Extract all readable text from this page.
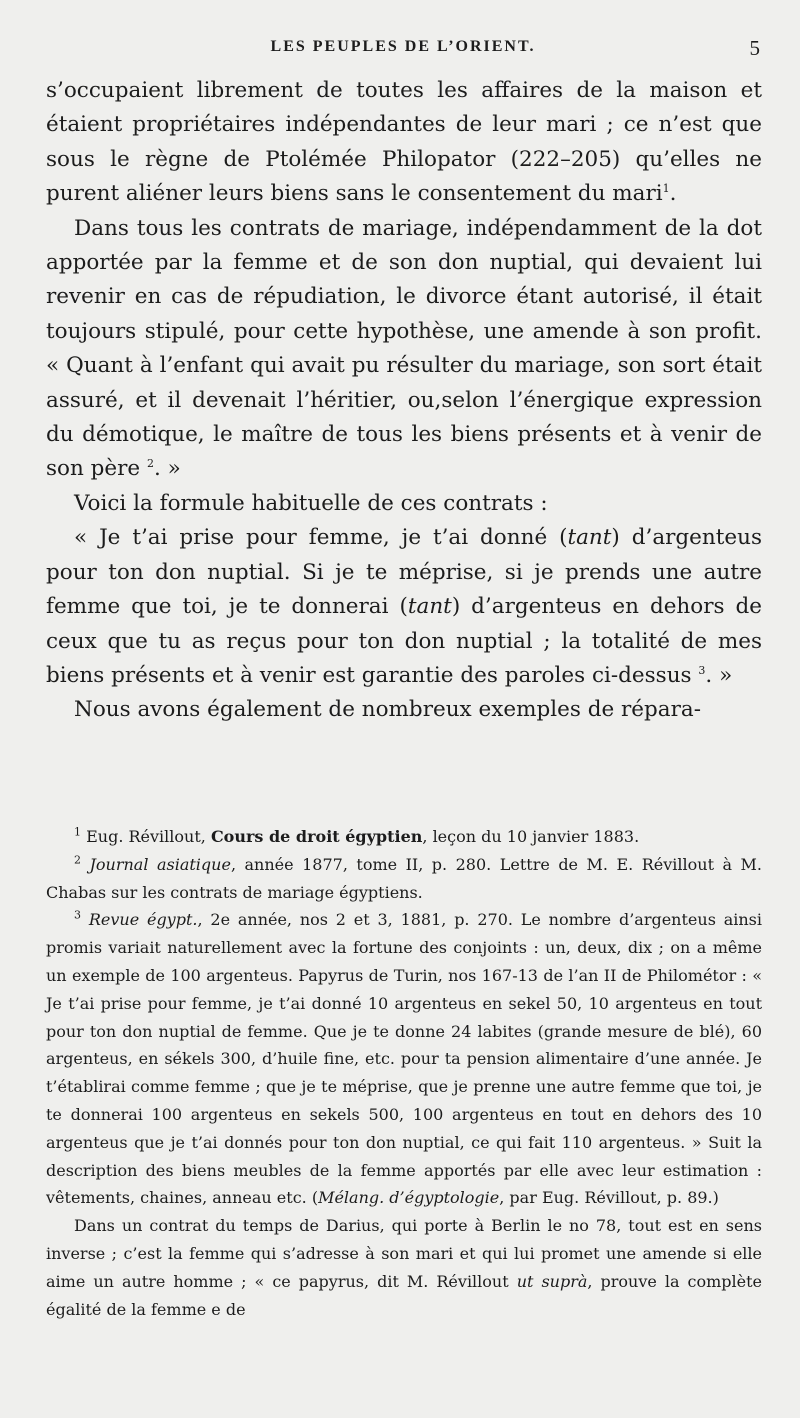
LES PEUPLES DE L’ORIENT.	5

s’occupaient librement de toutes les affaires de la maison et étaient propriétaires indépendantes de leur mari ; ce n’est que sous le règne de Ptolémée Philopator (222–205) qu’elles ne purent aliéner leurs biens sans le consentement du mari$^1$.

Dans tous les contrats de mariage, indépendamment de la dot apportée par la femme et de son don nuptial, qui devaient lui revenir en cas de répudiation, le divorce étant autorisé, il était toujours stipulé, pour cette hypothèse, une amende à son profit. « Quant à l’enfant qui avait pu résulter du mariage, son sort était assuré, et il devenait l’héritier, ou,selon l’énergique expression du démotique, le maître de tous les biens présents et à venir de son père $^2$. »

Voici la formule habituelle de ces contrats :

« Je t’ai prise pour femme, je t’ai donné (tant) d’argenteus pour ton don nuptial. Si je te méprise, si je prends une autre femme que toi, je te donnerai (tant) d’argenteus en dehors de ceux que tu as reçus pour ton don nuptial ; la totalité de mes biens présents et à venir est garantie des paroles ci-dessus $^3$. »

Nous avons également de nombreux exemples de répara-

$^1$ Eug. Révillout, Cours de droit égyptien, leçon du 10 janvier 1883.

$^2$ Journal asiatique, année 1877, tome II, p. 280. Lettre de M. E. Révillout à M. Chabas sur les contrats de mariage égyptiens.

$^3$ Revue égypt., 2e année, nos 2 et 3, 1881, p. 270. Le nombre d’argenteus ainsi promis variait naturellement avec la fortune des conjoints : un, deux, dix ; on a même un exemple de 100 argenteus. Papyrus de Turin, nos 167-13 de l’an II de Philométor : « Je t’ai prise pour femme, je t’ai donné 10 argenteus en sekel 50, 10 argenteus en tout pour ton don nuptial de femme. Que je te donne 24 labites (grande mesure de blé), 60 argenteus, en sékels 300, d’huile fine, etc. pour ta pension alimentaire d’une année. Je t’établirai comme femme ; que je te méprise, que je prenne une autre femme que toi, je te donnerai 100 argenteus en sekels 500, 100 argenteus en tout en dehors des 10 argenteus que je t’ai donnés pour ton don nuptial, ce qui fait 110 argenteus. » Suit la description des biens meubles de la femme apportés par elle avec leur estimation : vêtements, chaines, anneau etc. (Mélang. d’égyptologie, par Eug. Révillout, p. 89.)

Dans un contrat du temps de Darius, qui porte à Berlin le no 78, tout est en sens inverse ; c’est la femme qui s’adresse à son mari et qui lui promet une amende si elle aime un autre homme ; « ce papyrus, dit M. Révillout ut suprà, prouve la complète égalité de la femme e de
